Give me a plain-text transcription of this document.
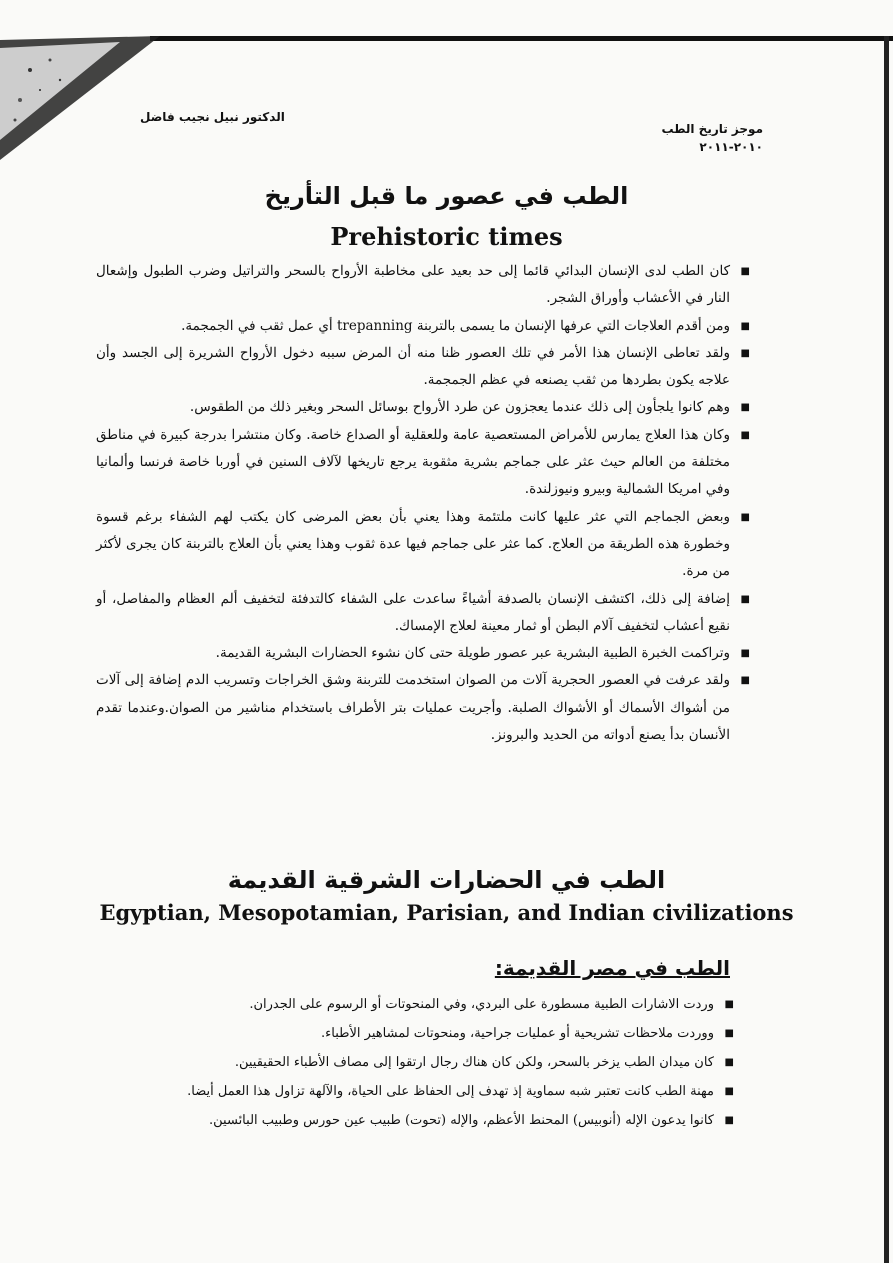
موجز تاريخ الطب
٢٠١٠-٢٠١١
الدكتور نبيل نجيب فاضل
الطب في عصور ما قبل التأريخ
Prehistoric times
■
كان الطب لدى الإنسان البدائي قائما إلى حد بعيد على مخاطبة الأرواح بالسحر والتراتيل وضرب الطبول وإشعال النار في الأعشاب وأوراق الشجر.
■
ومن أقدم العلاجات التي عرفها الإنسان ما يسمى بالتربنة trepanning أي عمل ثقب في الجمجمة.
■
ولقد تعاطى الإنسان هذا الأمر في تلك العصور ظنا منه أن المرض سببه دخول الأرواح الشريرة إلى الجسد وأن علاجه يكون بطردها من ثقب يصنعه في عظم الجمجمة.
■
وهم كانوا يلجأون إلى ذلك عندما يعجزون عن طرد الأرواح بوسائل السحر وبغير ذلك من الطقوس.
■
وكان هذا العلاج يمارس للأمراض المستعصية عامة وللعقلية أو الصداع خاصة. وكان منتشرا بدرجة كبيرة في مناطق مختلفة من العالم حيث عثر على جماجم بشرية مثقوبة يرجع تاريخها لآلاف السنين في أوربا خاصة فرنسا وألمانيا وفي امريكا الشمالية وبيرو ونيوزلندة.
■
وبعض الجماجم التي عثر عليها كانت ملتئمة وهذا يعني بأن بعض المرضى كان يكتب لهم الشفاء برغم قسوة وخطورة هذه الطريقة من العلاج. كما عثر على جماجم فيها عدة ثقوب وهذا يعني بأن العلاج بالتربنة كان يجرى لأكثر من مرة.
■
إضافة إلى ذلك، اكتشف الإنسان بالصدفة أشياءً ساعدت على الشفاء كالتدفئة لتخفيف ألم العظام والمفاصل، أو نقيع أعشاب لتخفيف آلام البطن أو ثمار معينة لعلاج الإمساك.
■
وتراكمت الخبرة الطبية البشرية عبر عصور طويلة حتى كان نشوء الحضارات البشرية القديمة.
■
ولقد عرفت في العصور الحجرية آلات من الصوان استخدمت للتربنة وشق الخراجات وتسريب الدم إضافة إلى آلات من أشواك الأسماك أو الأشواك الصلبة. وأجريت عمليات بتر الأطراف باستخدام مناشير من الصوان.وعندما تقدم الأنسان بدأ يصنع أدواته من الحديد والبرونز.
الطب في الحضارات الشرقية القديمة
Egyptian, Mesopotamian, Parisian, and Indian civilizations
الطب في مصر القديمة:
■
وردت الاشارات الطبية مسطورة على البردي، وفي المنحوتات أو الرسوم على الجدران.
■
ووردت ملاحظات تشريحية أو عمليات جراحية، ومنحوتات لمشاهير الأطباء.
■
كان ميدان الطب يزخر بالسحر، ولكن كان هناك رجال ارتقوا إلى مصاف الأطباء الحقيقيين.
■
مهنة الطب كانت تعتبر شبه سماوية إذ تهدف إلى الحفاظ على الحياة، والآلهة تزاول هذا العمل أيضا.
■
كانوا يدعون الإله (أنوبيس) المحنط الأعظم، والإله (تحوت) طبيب عين حورس وطبيب البائسين.
